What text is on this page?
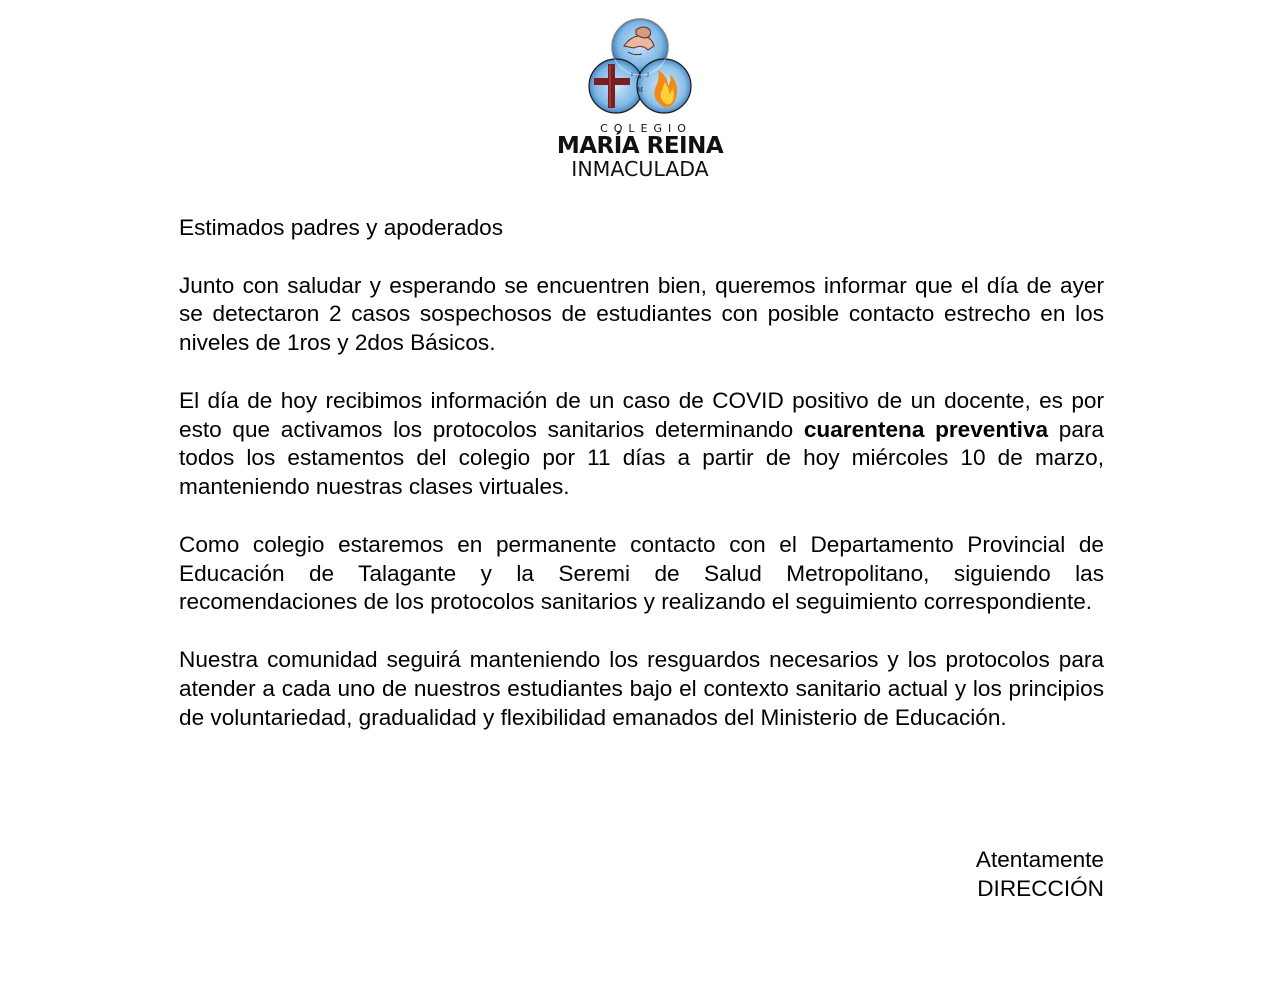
I
I	J
M
COLEGIO
MARÍA REINA
INMACULADA

Estimados padres y apoderados

Junto con saludar y esperando se encuentren bien, queremos informar que el día de ayer se detectaron 2 casos sospechosos de estudiantes con posible contacto estrecho en los niveles de 1ros y 2dos Básicos.

El día de hoy recibimos información de un caso de COVID positivo de un docente, es por esto que activamos los protocolos sanitarios determinando cuarentena preventiva para todos los estamentos del colegio por 11 días a partir de hoy miércoles 10 de marzo, manteniendo nuestras clases virtuales.

Como colegio estaremos en permanente contacto con el Departamento Provincial de Educación de Talagante y la Seremi de Salud Metropolitano, siguiendo las recomendaciones de los protocolos sanitarios y realizando el seguimiento correspondiente.

Nuestra comunidad seguirá manteniendo los resguardos necesarios y los protocolos para atender a cada uno de nuestros estudiantes bajo el contexto sanitario actual y los principios de voluntariedad, gradualidad y flexibilidad emanados del Ministerio de Educación.

Atentamente
DIRECCIÓN
